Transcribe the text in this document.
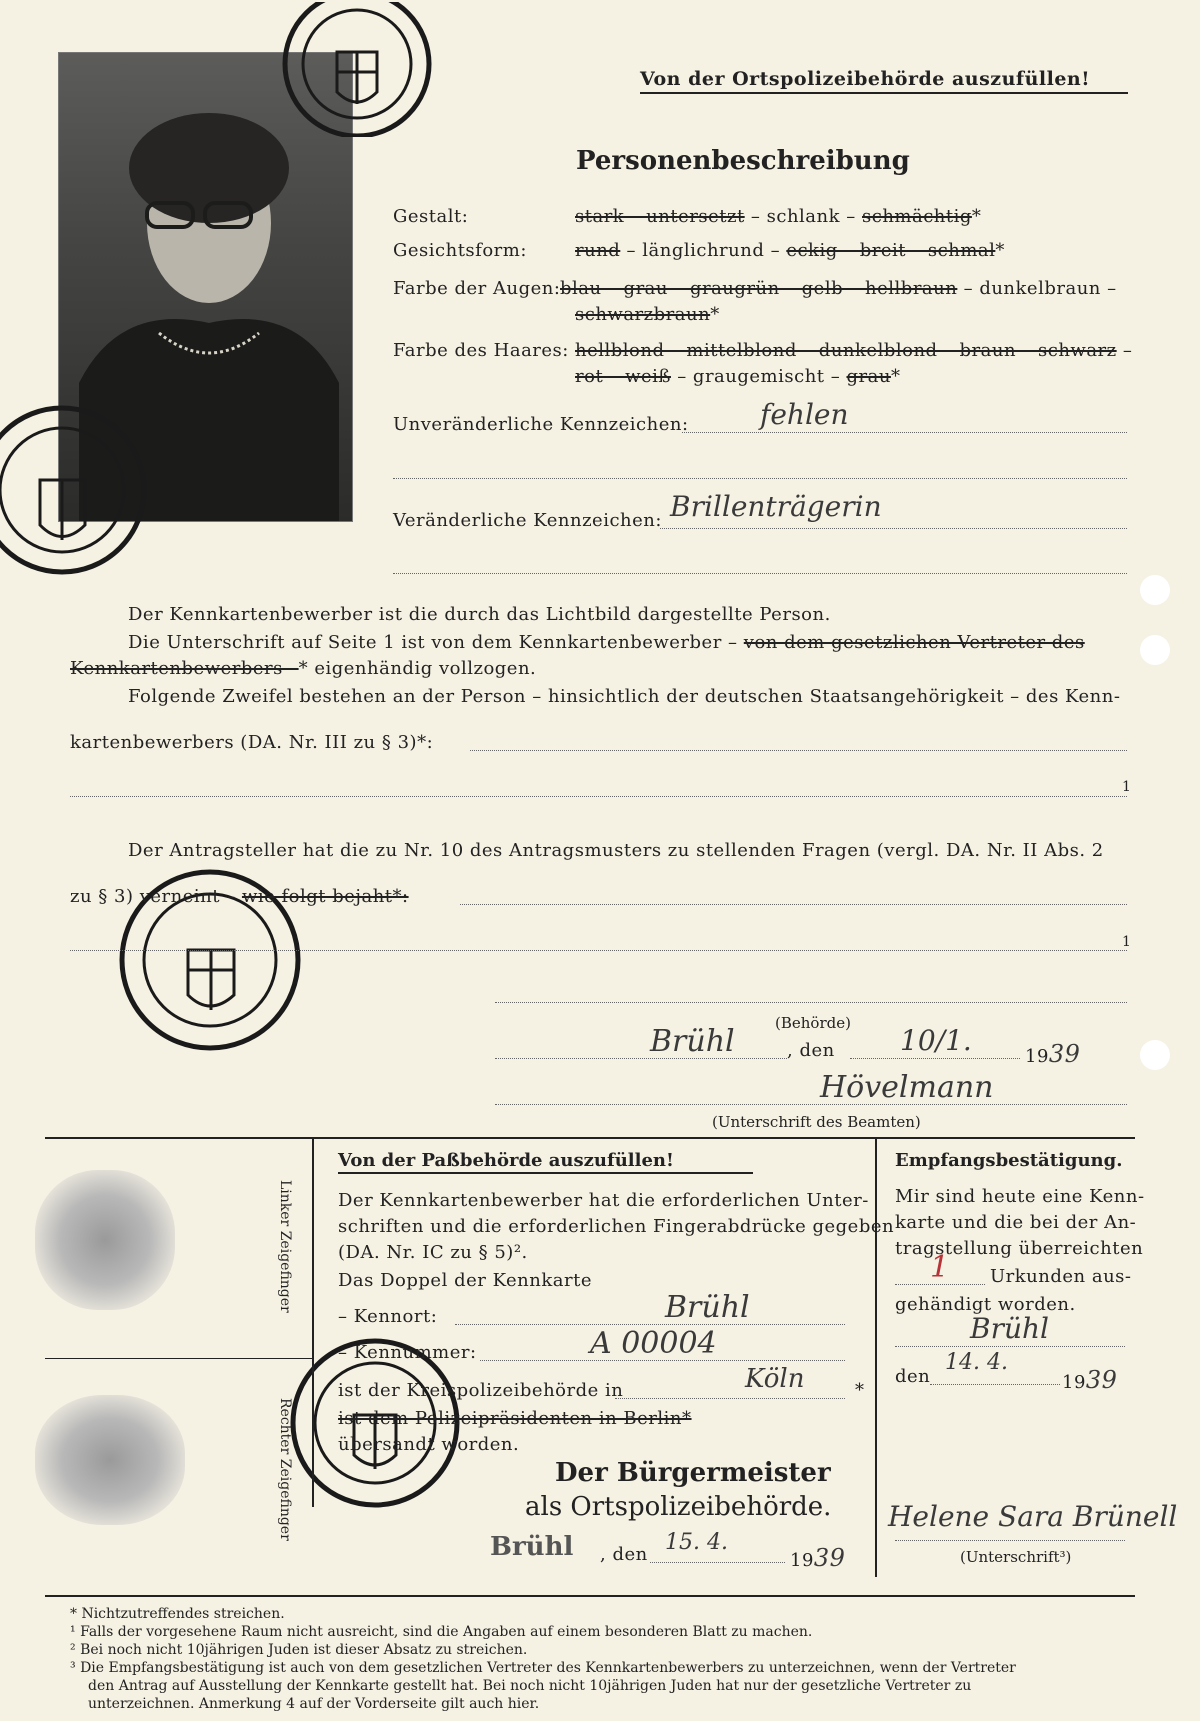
Von der Ortspolizeibehörde auszufüllen!
Personenbeschreibung
Gestalt:	stark – untersetzt – schlank – schmächtig*
Gesichtsform:	rund – länglichrund – eckig – breit – schmal*
Farbe der Augen: blau – grau – graugrün – gelb – hellbraun – dunkelbraun –
schwarzbraun*
Farbe des Haares: hellblond – mittelblond – dunkelblond – braun – schwarz –
rot – weiß – graugemischt – grau*
Unveränderliche Kennzeichen:	fehlen
Veränderliche Kennzeichen: Brillenträgerin
Der Kennkartenbewerber ist die durch das Lichtbild dargestellte Person.
Die Unterschrift auf Seite 1 ist von dem Kennkartenbewerber – von dem gesetzlichen Vertreter des
Kennkartenbewerbers –* eigenhändig vollzogen.
Folgende Zweifel bestehen an der Person – hinsichtlich der deutschen Staatsangehörigkeit – des Kenn-
kartenbewerbers (DA. Nr. III zu § 3)*:
1
Der Antragsteller hat die zu Nr. 10 des Antragsmusters zu stellenden Fragen (vergl. DA. Nr. II Abs. 2
zu § 3) verneint – wie folgt bejaht*:
1
(Behörde)
Brühl	, den 10/1.	1939
Hövelmann
(Unterschrift des Beamten)
Linker Zeigefinger
Rechter Zeigefinger
Von der Paßbehörde auszufüllen!
Der Kennkartenbewerber hat die erforderlichen Unter-
schriften und die erforderlichen Fingerabdrücke gegeben
(DA. Nr. IC zu § 5)².
Das Doppel der Kennkarte
– Kennort:	Brühl
– Kennummer:	A 00004
ist der Kreispolizeibehörde in	Köln	*
ist dem Polizeipräsidenten in Berlin*
übersandt worden.
Der Bürgermeister
als Ortspolizeibehörde.
Brühl , den 15. 4.
1939
Empfangsbestätigung.
Mir sind heute eine Kenn-
karte und die bei der An-
tragstellung überreichten
1 Urkunden aus-
gehändigt worden.
Brühl
den
14. 4.
1939
Helene Sara Brünell
(Unterschrift³)
* Nichtzutreffendes streichen.
¹ Falls der vorgesehene Raum nicht ausreicht, sind die Angaben auf einem besonderen Blatt zu machen.
² Bei noch nicht 10jährigen Juden ist dieser Absatz zu streichen.
³ Die Empfangsbestätigung ist auch von dem gesetzlichen Vertreter des Kennkartenbewerbers zu unterzeichnen, wenn der Vertreter
den Antrag auf Ausstellung der Kennkarte gestellt hat. Bei noch nicht 10jährigen Juden hat nur der gesetzliche Vertreter zu
unterzeichnen. Anmerkung 4 auf der Vorderseite gilt auch hier.
